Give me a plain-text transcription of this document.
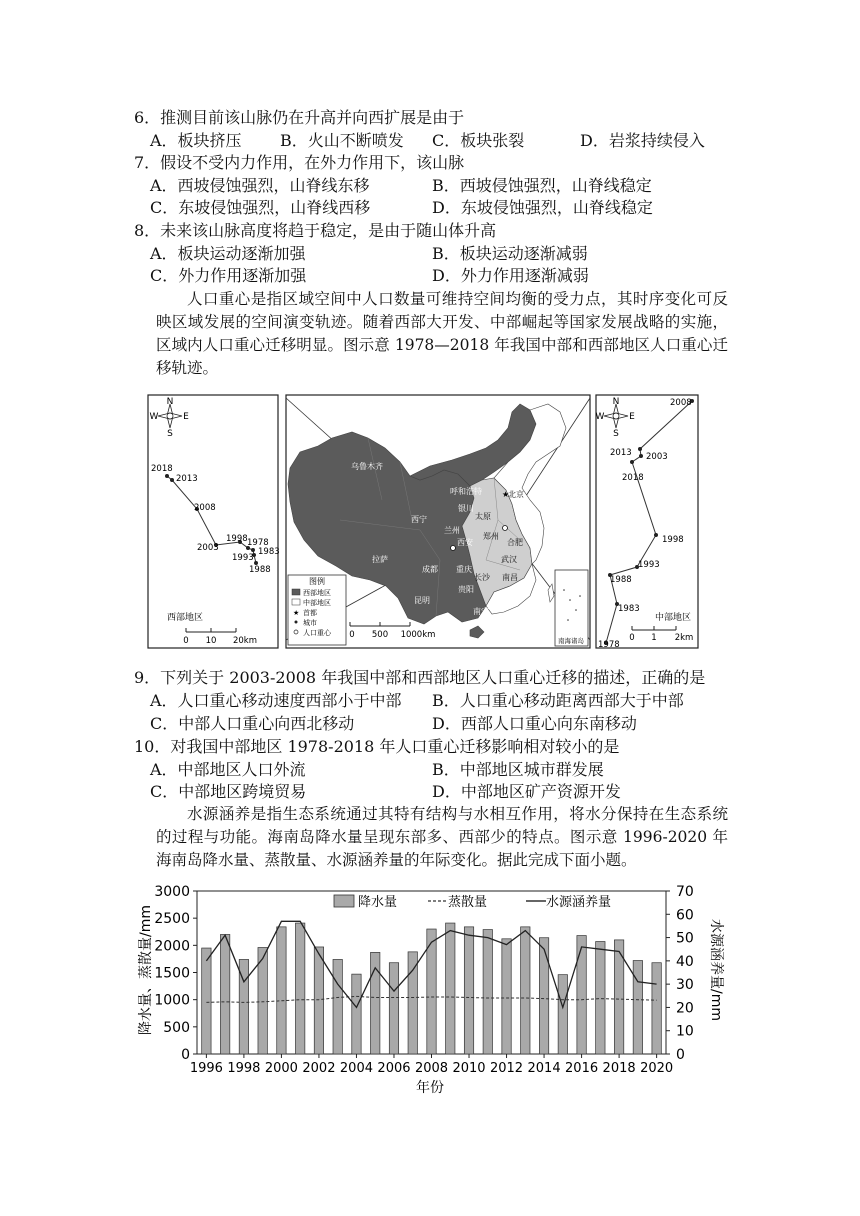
6．推测目前该山脉仍在升高并向西扩展是由于
A．板块挤压 B．火山不断喷发 C．板块张裂	D．岩浆持续侵入
7．假设不受内力作用，在外力作用下，该山脉
A．西坡侵蚀强烈，山脊线东移	B．西坡侵蚀强烈，山脊线稳定
C．东坡侵蚀强烈，山脊线西移	D．东坡侵蚀强烈，山脊线稳定
8．未来该山脉高度将趋于稳定，是由于随山体升高
A．板块运动逐渐加强	B．板块运动逐渐减弱
C．外力作用逐渐加强	D．外力作用逐渐减弱
人口重心是指区域空间中人口数量可维持空间均衡的受力点，其时序变化可反映区域发展的空间演变轨迹。随着西部大开发、中部崛起等国家发展战略的实施，区域内人口重心迁移明显。图示意 1978—2018 年我国中部和西部地区人口重心迁移轨迹。
N
S
W	E
2018
2013
2008
2003
1998
1993
1978
1983
1988
西部地区
0 10 20km
图例
西部地区
中部地区
★ 首都
城市
人口重心 0 500 1000km
南海诸岛
乌鲁木齐
呼和浩特
银川
西宁
兰州
西安
拉萨
成都 重庆
贵阳
昆明
南宁
北京
太原
郑州
合肥
武汉
长沙 南昌
★
N
S
W	E
2008
2013 2003
2018
1998
1993
1988
1983
1978
中部地区
0 1 2km
9．下列关于 2003-2008 年我国中部和西部地区人口重心迁移的描述，正确的是
A．人口重心移动速度西部小于中部 B．人口重心移动距离西部大于中部
C．中部人口重心向西北移动	D．西部人口重心向东南移动
10．对我国中部地区 1978-2018 年人口重心迁移影响相对较小的是
A．中部地区人口外流	B．中部地区城市群发展
C．中部地区跨境贸易	D．中部地区矿产资源开发
水源涵养是指生态系统通过其特有结构与水相互作用，将水分保持在生态系统的过程与功能。海南岛降水量呈现东部多、西部少的特点。图示意 1996-2020 年海南岛降水量、蒸散量、水源涵养量的年际变化。据此完成下面小题。
0
500
1000
1500
2000
2500
3000
0
10
20
30
40
50
60
70
1996 1998 2000 2002 2004 2006 2008 2010 2012 2014 2016 2018 2020
降水量、蒸散量/mm	水源涵养量/mm
年份
降水量	蒸散量	水源涵养量
